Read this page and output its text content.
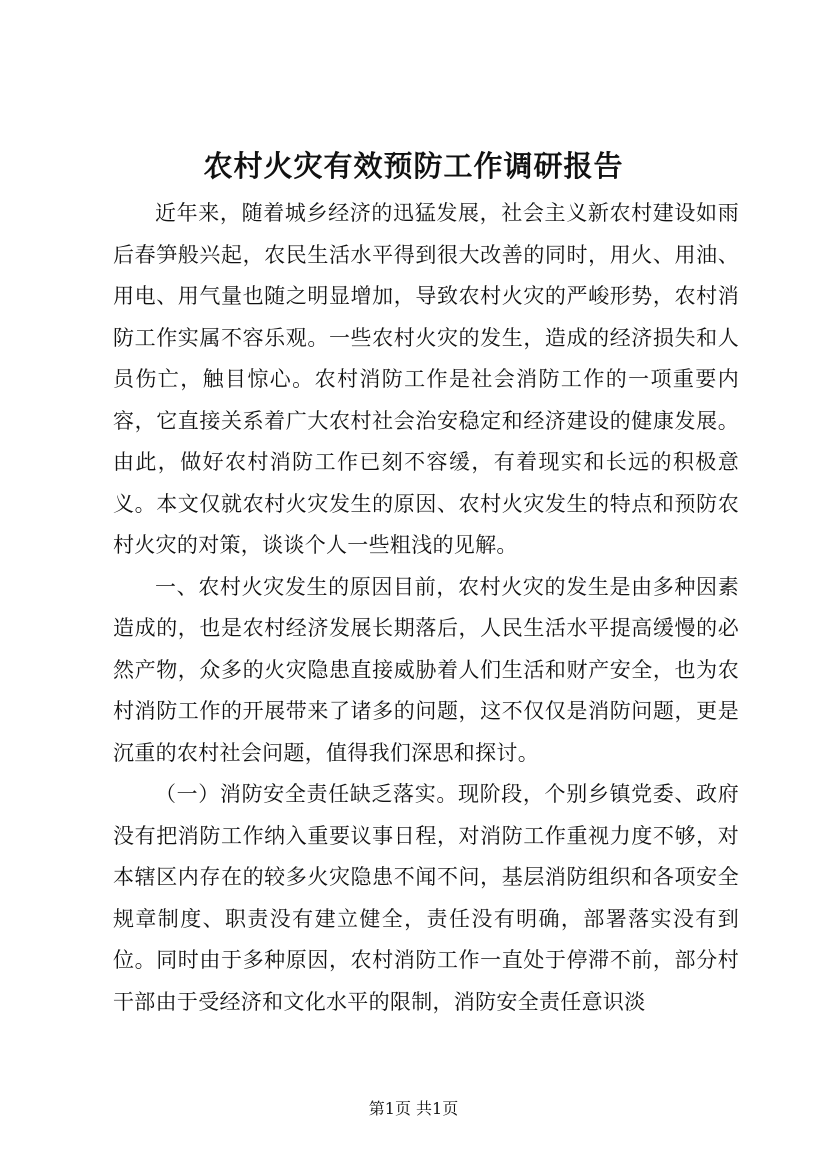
农村火灾有效预防工作调研报告

近年来，随着城乡经济的迅猛发展，社会主义新农村建设如雨后春笋般兴起，农民生活水平得到很大改善的同时，用火、用油、用电、用气量也随之明显增加，导致农村火灾的严峻形势，农村消防工作实属不容乐观。一些农村火灾的发生，造成的经济损失和人员伤亡，触目惊心。农村消防工作是社会消防工作的一项重要内容，它直接关系着广大农村社会治安稳定和经济建设的健康发展。由此，做好农村消防工作已刻不容缓，有着现实和长远的积极意义。本文仅就农村火灾发生的原因、农村火灾发生的特点和预防农村火灾的对策，谈谈个人一些粗浅的见解。

一、农村火灾发生的原因目前，农村火灾的发生是由多种因素造成的，也是农村经济发展长期落后，人民生活水平提高缓慢的必然产物，众多的火灾隐患直接威胁着人们生活和财产安全，也为农村消防工作的开展带来了诸多的问题，这不仅仅是消防问题，更是沉重的农村社会问题，值得我们深思和探讨。

（一）消防安全责任缺乏落实。现阶段，个别乡镇党委、政府没有把消防工作纳入重要议事日程，对消防工作重视力度不够，对本辖区内存在的较多火灾隐患不闻不问，基层消防组织和各项安全规章制度、职责没有建立健全，责任没有明确，部署落实没有到位。同时由于多种原因，农村消防工作一直处于停滞不前，部分村干部由于受经济和文化水平的限制，消防安全责任意识淡

第1页 共1页
